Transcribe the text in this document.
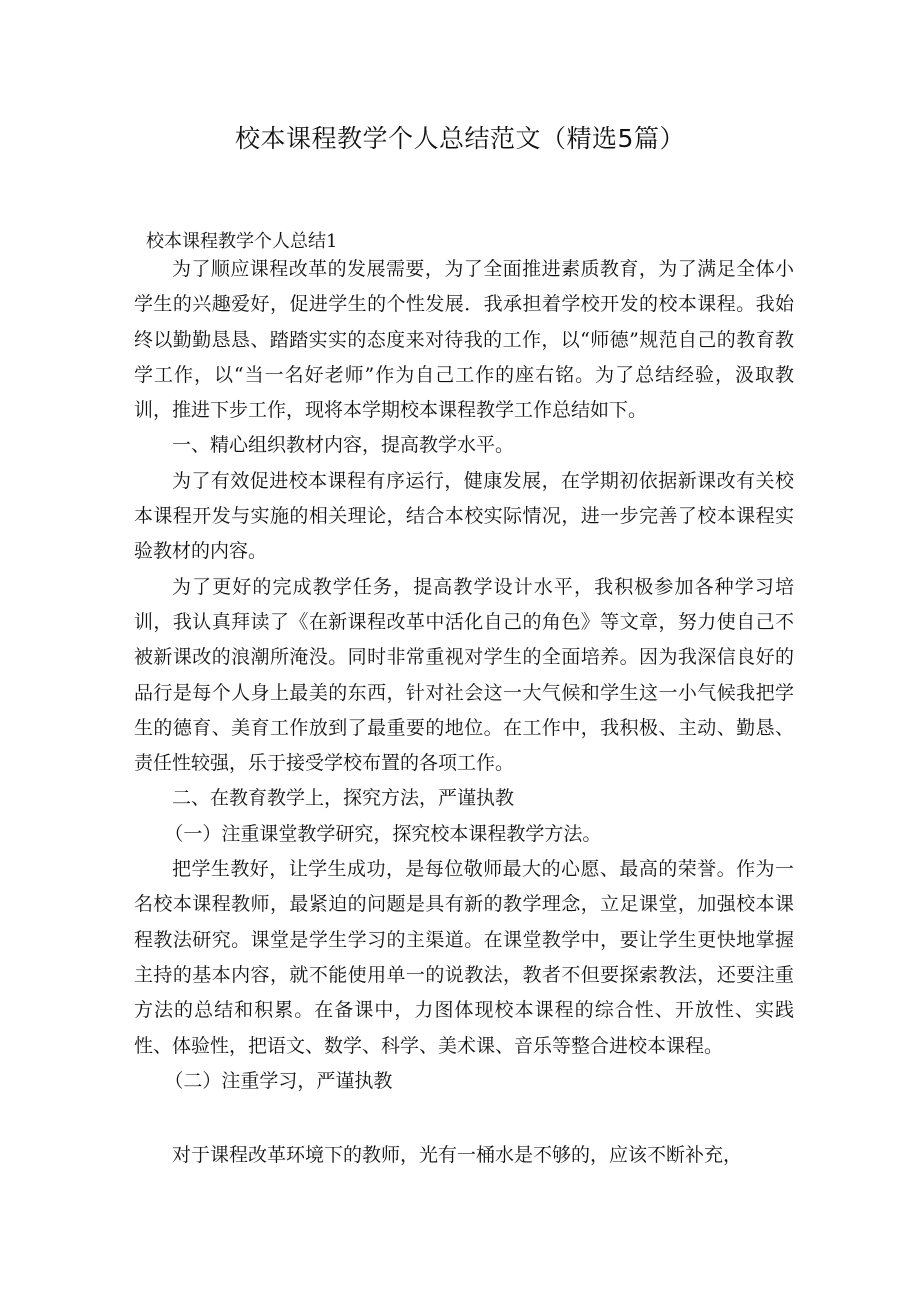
校本课程教学个人总结范文（精选5篇）
校本课程教学个人总结1

为了顺应课程改革的发展需要，为了全面推进素质教育，为了满足全体小学生的兴趣爱好，促进学生的个性发展．我承担着学校开发的校本课程。我始终以勤勤恳恳、踏踏实实的态度来对待我的工作，以“师德”规范自己的教育教学工作，以“当一名好老师”作为自己工作的座右铭。为了总结经验，汲取教训，推进下步工作，现将本学期校本课程教学工作总结如下。

一、精心组织教材内容，提高教学水平。

为了有效促进校本课程有序运行，健康发展，在学期初依据新课改有关校本课程开发与实施的相关理论，结合本校实际情况，进一步完善了校本课程实验教材的内容。

为了更好的完成教学任务，提高教学设计水平，我积极参加各种学习培训，我认真拜读了《在新课程改革中活化自己的角色》等文章，努力使自己不被新课改的浪潮所淹没。同时非常重视对学生的全面培养。因为我深信良好的品行是每个人身上最美的东西，针对社会这一大气候和学生这一小气候我把学生的德育、美育工作放到了最重要的地位。在工作中，我积极、主动、勤恳、责任性较强，乐于接受学校布置的各项工作。

二、在教育教学上，探究方法，严谨执教

（一）注重课堂教学研究，探究校本课程教学方法。

把学生教好，让学生成功，是每位敬师最大的心愿、最高的荣誉。作为一名校本课程教师，最紧迫的问题是具有新的教学理念，立足课堂，加强校本课程教法研究。课堂是学生学习的主渠道。在课堂教学中，要让学生更快地掌握主持的基本内容，就不能使用单一的说教法，教者不但要探索教法，还要注重方法的总结和积累。在备课中，力图体现校本课程的综合性、开放性、实践性、体验性，把语文、数学、科学、美术课、音乐等整合进校本课程。

（二）注重学习，严谨执教

对于课程改革环境下的教师，光有一桶水是不够的，应该不断补充，
